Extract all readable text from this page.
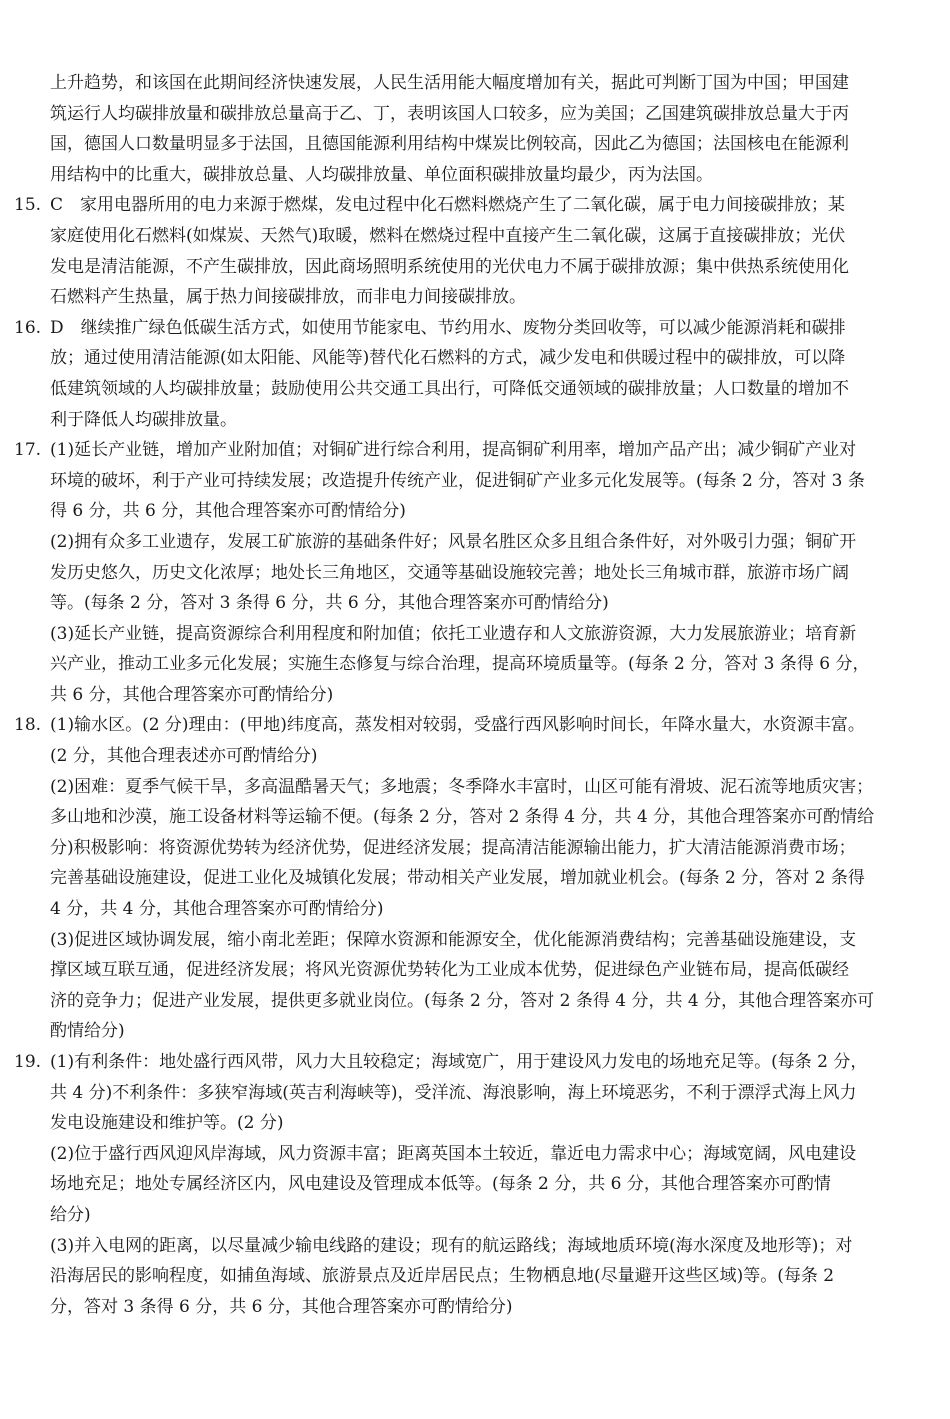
上升趋势，和该国在此期间经济快速发展，人民生活用能大幅度增加有关，据此可判断丁国为中国；甲国建
筑运行人均碳排放量和碳排放总量高于乙、丁，表明该国人口较多，应为美国；乙国建筑碳排放总量大于丙
国，德国人口数量明显多于法国，且德国能源利用结构中煤炭比例较高，因此乙为德国；法国核电在能源利
用结构中的比重大，碳排放总量、人均碳排放量、单位面积碳排放量均最少，丙为法国。
15. C　家用电器所用的电力来源于燃煤，发电过程中化石燃料燃烧产生了二氧化碳，属于电力间接碳排放；某
家庭使用化石燃料(如煤炭、天然气)取暖，燃料在燃烧过程中直接产生二氧化碳，这属于直接碳排放；光伏
发电是清洁能源，不产生碳排放，因此商场照明系统使用的光伏电力不属于碳排放源；集中供热系统使用化
石燃料产生热量，属于热力间接碳排放，而非电力间接碳排放。
16. D　继续推广绿色低碳生活方式，如使用节能家电、节约用水、废物分类回收等，可以减少能源消耗和碳排
放；通过使用清洁能源(如太阳能、风能等)替代化石燃料的方式，减少发电和供暖过程中的碳排放，可以降
低建筑领域的人均碳排放量；鼓励使用公共交通工具出行，可降低交通领域的碳排放量；人口数量的增加不
利于降低人均碳排放量。
17. (1)延长产业链，增加产业附加值；对铜矿进行综合利用，提高铜矿利用率，增加产品产出；减少铜矿产业对
环境的破坏，利于产业可持续发展；改造提升传统产业，促进铜矿产业多元化发展等。(每条 2 分，答对 3 条
得 6 分，共 6 分，其他合理答案亦可酌情给分)
(2)拥有众多工业遗存，发展工矿旅游的基础条件好；风景名胜区众多且组合条件好，对外吸引力强；铜矿开
发历史悠久，历史文化浓厚；地处长三角地区，交通等基础设施较完善；地处长三角城市群，旅游市场广阔
等。(每条 2 分，答对 3 条得 6 分，共 6 分，其他合理答案亦可酌情给分)
(3)延长产业链，提高资源综合利用程度和附加值；依托工业遗存和人文旅游资源，大力发展旅游业；培育新
兴产业，推动工业多元化发展；实施生态修复与综合治理，提高环境质量等。(每条 2 分，答对 3 条得 6 分，
共 6 分，其他合理答案亦可酌情给分)
18. (1)输水区。(2 分)理由：(甲地)纬度高，蒸发相对较弱，受盛行西风影响时间长，年降水量大，水资源丰富。
(2 分，其他合理表述亦可酌情给分)
(2)困难：夏季气候干旱，多高温酷暑天气；多地震；冬季降水丰富时，山区可能有滑坡、泥石流等地质灾害；
多山地和沙漠，施工设备材料等运输不便。(每条 2 分，答对 2 条得 4 分，共 4 分，其他合理答案亦可酌情给
分)积极影响：将资源优势转为经济优势，促进经济发展；提高清洁能源输出能力，扩大清洁能源消费市场；
完善基础设施建设，促进工业化及城镇化发展；带动相关产业发展，增加就业机会。(每条 2 分，答对 2 条得
4 分，共 4 分，其他合理答案亦可酌情给分)
(3)促进区域协调发展，缩小南北差距；保障水资源和能源安全，优化能源消费结构；完善基础设施建设，支
撑区域互联互通，促进经济发展；将风光资源优势转化为工业成本优势，促进绿色产业链布局，提高低碳经
济的竞争力；促进产业发展，提供更多就业岗位。(每条 2 分，答对 2 条得 4 分，共 4 分，其他合理答案亦可
酌情给分)
19. (1)有利条件：地处盛行西风带，风力大且较稳定；海域宽广，用于建设风力发电的场地充足等。(每条 2 分，
共 4 分)不利条件：多狭窄海域(英吉利海峡等)，受洋流、海浪影响，海上环境恶劣，不利于漂浮式海上风力
发电设施建设和维护等。(2 分)
(2)位于盛行西风迎风岸海域，风力资源丰富；距离英国本土较近，靠近电力需求中心；海域宽阔，风电建设
场地充足；地处专属经济区内，风电建设及管理成本低等。(每条 2 分，共 6 分，其他合理答案亦可酌情
给分)
(3)并入电网的距离，以尽量减少输电线路的建设；现有的航运路线；海域地质环境(海水深度及地形等)；对
沿海居民的影响程度，如捕鱼海域、旅游景点及近岸居民点；生物栖息地(尽量避开这些区域)等。(每条 2
分，答对 3 条得 6 分，共 6 分，其他合理答案亦可酌情给分)
